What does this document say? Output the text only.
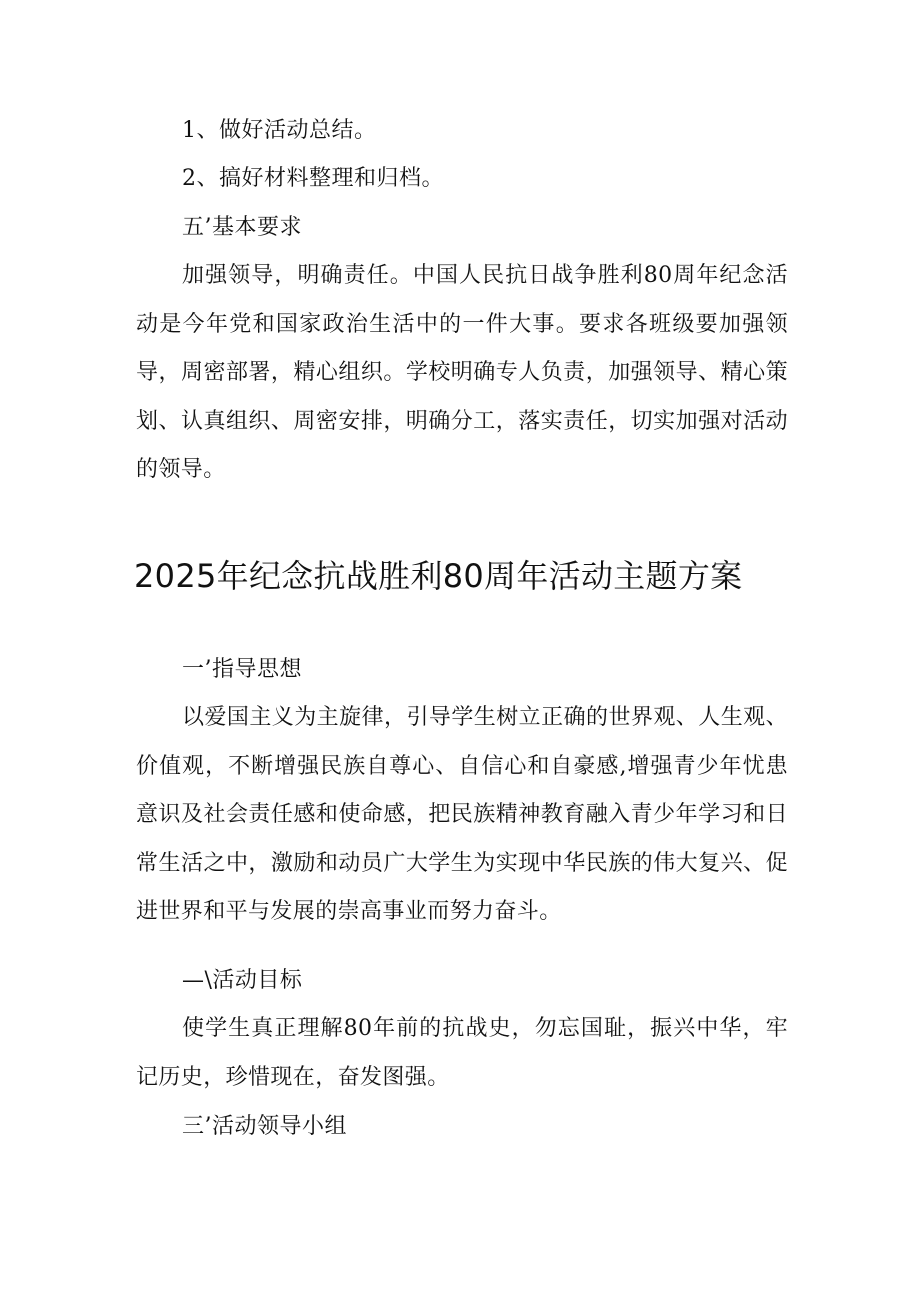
1、做好活动总结。
2、搞好材料整理和归档。
五’基本要求
加强领导，明确责任。中国人民抗日战争胜利80周年纪念活动是今年党和国家政治生活中的一件大事。要求各班级要加强领导，周密部署，精心组织。学校明确专人负责，加强领导、精心策划、认真组织、周密安排，明确分工，落实责任，切实加强对活动的领导。
2025年纪念抗战胜利80周年活动主题方案
一’指导思想
以爱国主义为主旋律，引导学生树立正确的世界观、人生观、价值观，不断增强民族自尊心、自信心和自豪感,增强青少年忧患意识及社会责任感和使命感，把民族精神教育融入青少年学习和日常生活之中，激励和动员广大学生为实现中华民族的伟大复兴、促进世界和平与发展的崇高事业而努力奋斗。
—\活动目标
使学生真正理解80年前的抗战史，勿忘国耻，振兴中华，牢记历史，珍惜现在，奋发图强。
三’活动领导小组
